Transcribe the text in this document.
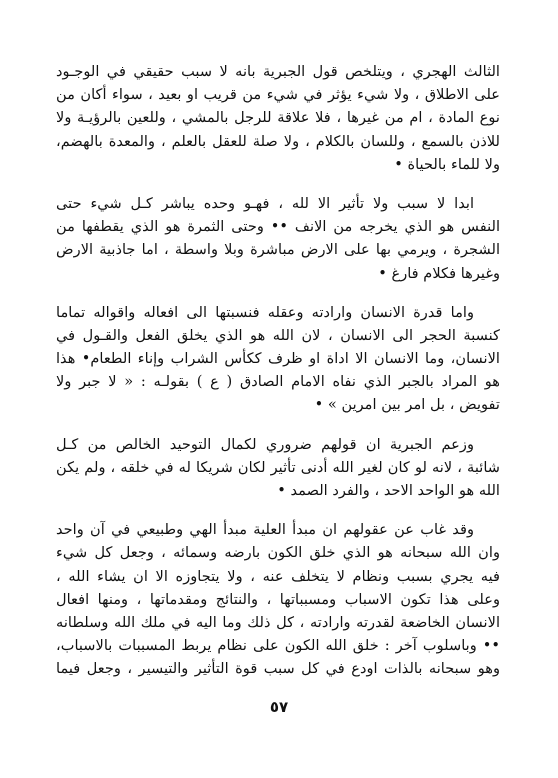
الثالث الهجري ، ويتلخص قول الجبرية بانه لا سبب حقيقي في الوجـود
على الاطلاق ، ولا شيء يؤثر في شيء من قريب او بعيد ، سواء أكان من
نوع المادة ، ام من غيرها ، فلا علاقة للرجل بالمشي ، وللعين بالرؤيـة ولا
للاذن بالسمع ، وللسان بالكلام ، ولا صلة للعقل بالعلم ، والمعدة بالهضم،
ولا للماء بالحياة •
ابدا لا سبب ولا تأثير الا لله ، فهـو وحده يباشر كـل شيء حتى
النفس هو الذي يخرجه من الانف •• وحتى الثمرة هو الذي يقطفها من
الشجرة ، ويرمي بها على الارض مباشرة وبلا واسطة ، اما جاذبية الارض
وغيرها فكلام فارغ •
واما قدرة الانسان وارادته وعقله فنسبتها الى افعاله واقواله تماما
كنسبة الحجر الى الانسان ، لان الله هو الذي يخلق الفعل والقـول في
الانسان، وما الانسان الا اداة او ظرف ككأس الشراب وإناء الطعام• هذا
هو المراد بالجبر الذي نفاه الامام الصادق ( ع ) بقولـه : « لا جبر ولا
تفويض ، بل امر بين امرين » •
وزعم الجبرية ان قولهم ضروري لكمال التوحيد الخالص من كـل
شائبة ، لانه لو كان لغير الله أدنى تأثير لكان شريكا له في خلقه ، ولم يكن
الله هو الواحد الاحد ، والفرد الصمد •
وقد غاب عن عقولهم ان مبدأ العلية مبدأ الهي وطبيعي في آن واحد
وان الله سبحانه هو الذي خلق الكون بارضه وسمائه ، وجعل كل شيء
فيه يجري بسبب ونظام لا يتخلف عنه ، ولا يتجاوزه الا ان يشاء الله ،
وعلى هذا تكون الاسباب ومسبباتها ، والنتائج ومقدماتها ، ومنها افعال
الانسان الخاضعة لقدرته وارادته ، كل ذلك وما اليه في ملك الله وسلطانه
•• وباسلوب آخر : خلق الله الكون على نظام يربط المسببات بالاسباب،
وهو سبحانه بالذات اودع في كل سبب قوة التأثير والتيسير ، وجعل فيما
٥٧
